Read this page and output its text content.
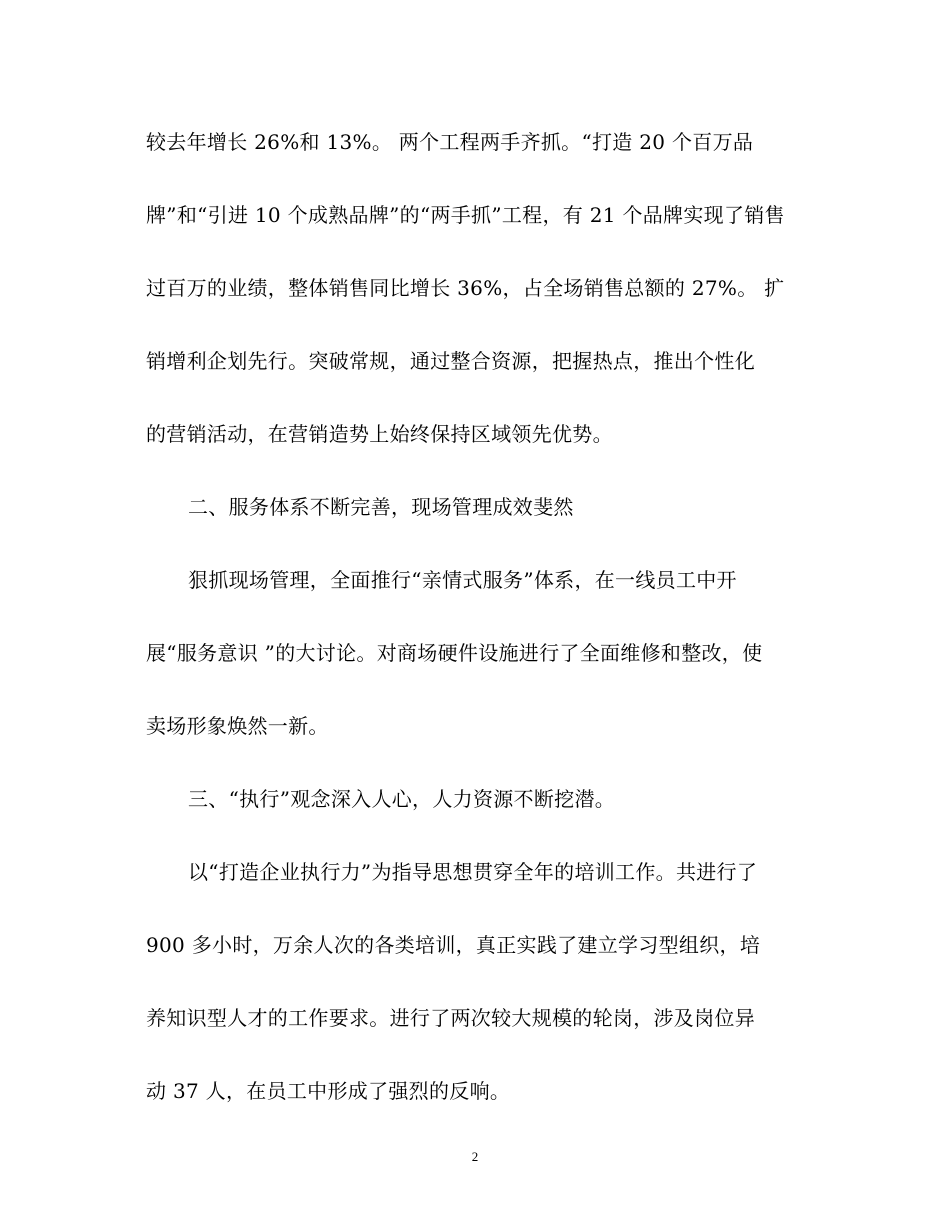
较去年增长 26%和 13%。 两个工程两手齐抓。“打造 20 个百万品
牌”和“引进 10 个成熟品牌”的“两手抓”工程，有 21 个品牌实现了销售
过百万的业绩，整体销售同比增长 36%，占全场销售总额的 27%。 扩
销增利企划先行。突破常规，通过整合资源，把握热点，推出个性化
的营销活动，在营销造势上始终保持区域领先优势。
二、服务体系不断完善，现场管理成效斐然
狠抓现场管理，全面推行“亲情式服务”体系，在一线员工中开
展“服务意识 ”的大讨论。对商场硬件设施进行了全面维修和整改，使
卖场形象焕然一新。
三、“执行”观念深入人心，人力资源不断挖潜。
以“打造企业执行力”为指导思想贯穿全年的培训工作。共进行了
900 多小时，万余人次的各类培训，真正实践了建立学习型组织，培
养知识型人才的工作要求。进行了两次较大规模的轮岗，涉及岗位异
动 37 人，在员工中形成了强烈的反响。
2
